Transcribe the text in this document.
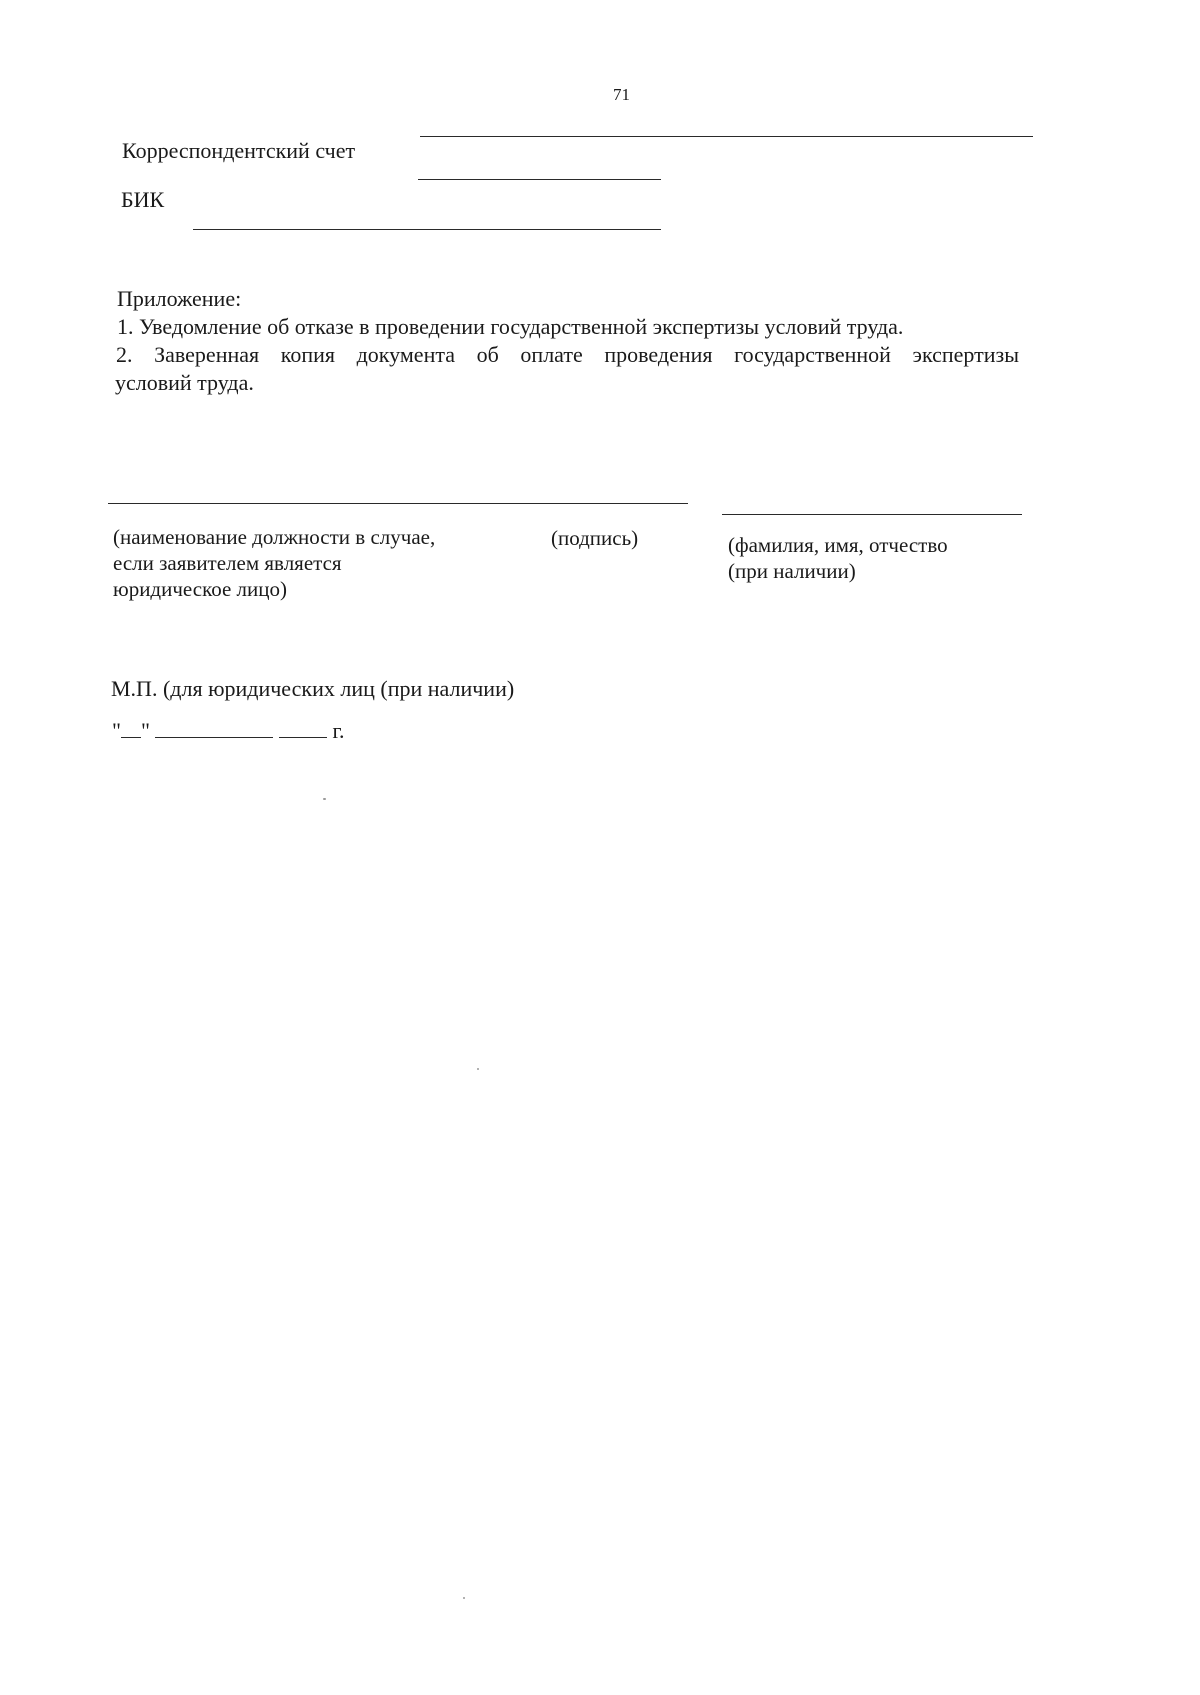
71
Корреспондентский счет
БИК
Приложение:
1. Уведомление об отказе в проведении государственной экспертизы условий труда.
2. Заверенная копия документа об оплате проведения государственной экспертизы
условий труда.
(наименование должности в случае,
если заявителем является
юридическое лицо)
(подпись)	(фамилия, имя, отчество
(при наличии)
М.П. (для юридических лиц (при наличии)
" "	г.
